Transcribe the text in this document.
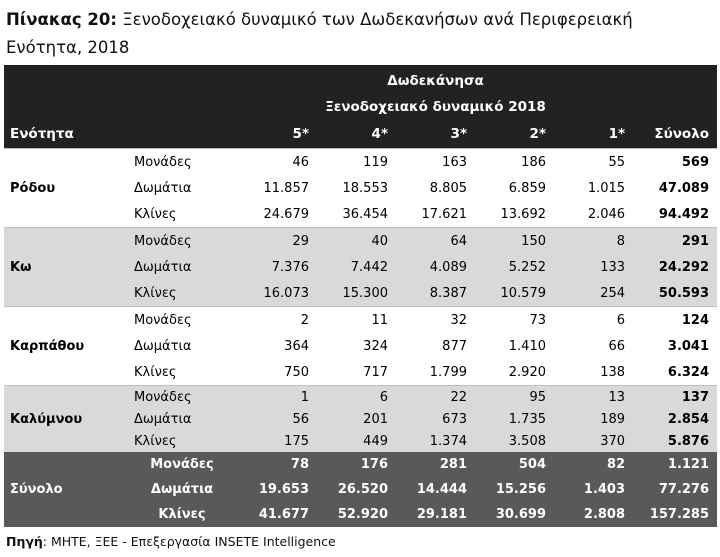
Πίνακας 20: Ξενοδοχειακό δυναμικό των Δωδεκανήσων ανά Περιφερειακή Ενότητα, 2018
		Δωδεκάνησα					
		Ξενοδοχειακό δυναμικό 2018					
Ενότητα		5*	4*	3*	2*	1*	Σύνολο
Ρόδου	Μονάδες	46	119	163	186	55	569
	Δωμάτια	11.857	18.553	8.805	6.859	1.015	47.089
	Κλίνες	24.679	36.454	17.621	13.692	2.046	94.492
Κω	Μονάδες	29	40	64	150	8	291
	Δωμάτια	7.376	7.442	4.089	5.252	133	24.292
	Κλίνες	16.073	15.300	8.387	10.579	254	50.593
Καρπάθου	Μονάδες	2	11	32	73	6	124
	Δωμάτια	364	324	877	1.410	66	3.041
	Κλίνες	750	717	1.799	2.920	138	6.324
Καλύμνου	Μονάδες	1	6	22	95	13	137
	Δωμάτια	56	201	673	1.735	189	2.854
	Κλίνες	175	449	1.374	3.508	370	5.876
Σύνολο	Μονάδες	78	176	281	504	82	1.121
	Δωμάτια	19.653	26.520	14.444	15.256	1.403	77.276
	Κλίνες	41.677	52.920	29.181	30.699	2.808	157.285
Πηγή: ΜΗΤΕ, ΞΕΕ - Επεξεργασία INSETE Intelligence
